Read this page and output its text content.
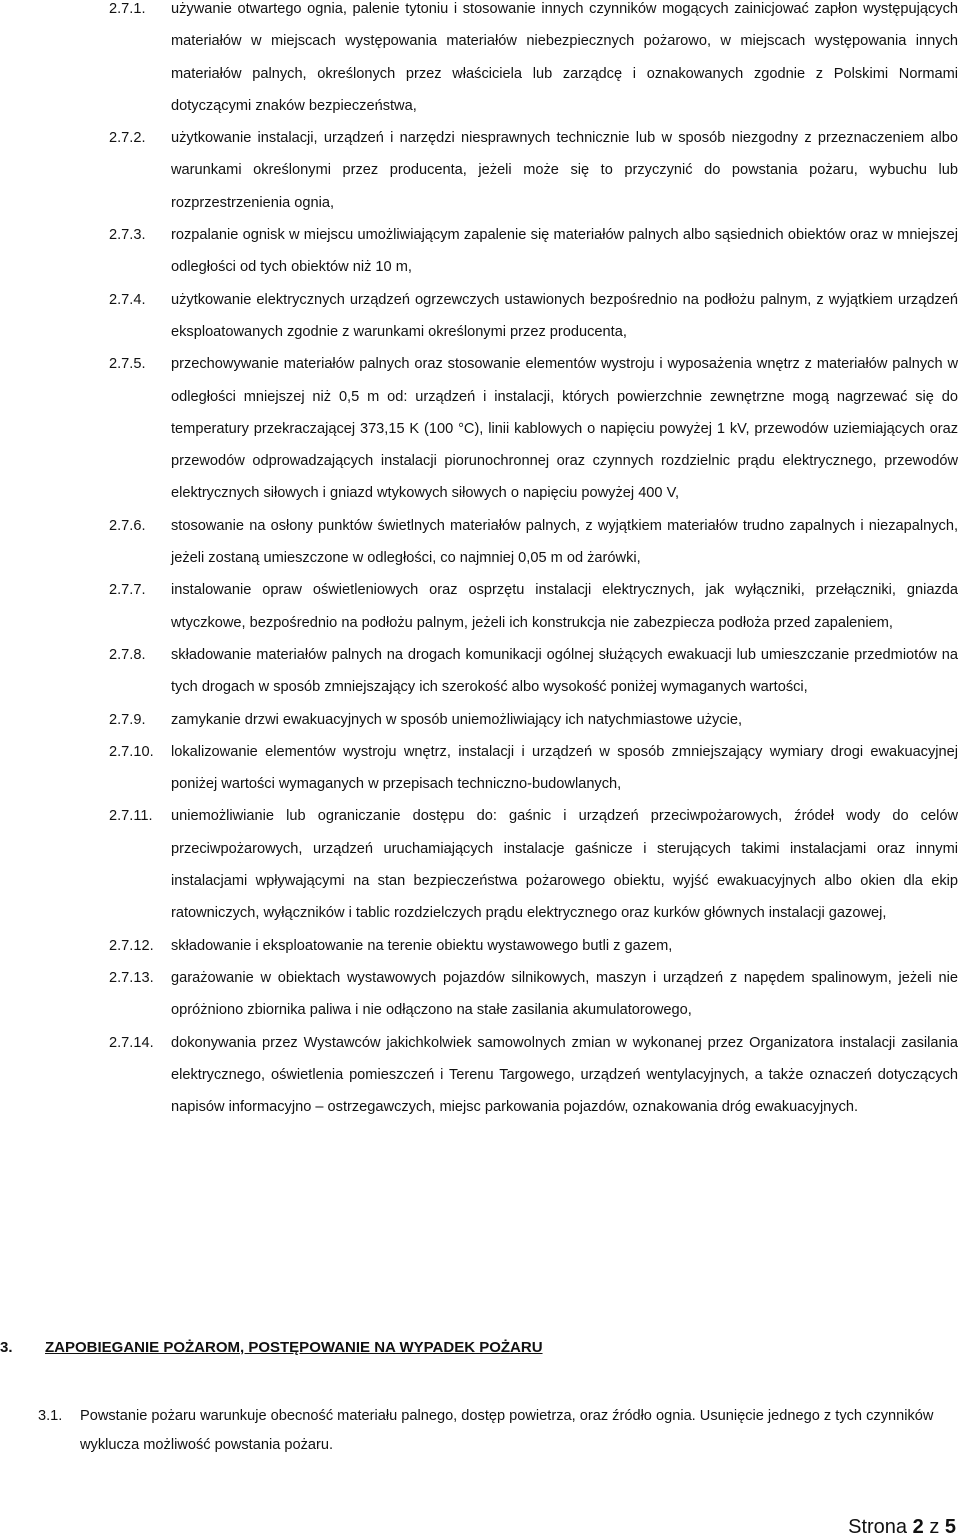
2.7.1.	używanie otwartego ognia, palenie tytoniu i stosowanie innych czynników mogących zainicjować zapłon występujących materiałów w miejscach występowania materiałów niebezpiecznych pożarowo, w miejscach występowania innych materiałów palnych, określonych przez właściciela lub zarządcę i oznakowanych zgodnie z Polskimi Normami dotyczącymi znaków bezpieczeństwa,
2.7.2.	użytkowanie instalacji, urządzeń i narzędzi niesprawnych technicznie lub w sposób niezgodny z przeznaczeniem albo warunkami określonymi przez producenta, jeżeli może się to przyczynić do powstania pożaru, wybuchu lub rozprzestrzenienia ognia,
2.7.3.	rozpalanie ognisk w miejscu umożliwiającym zapalenie się materiałów palnych albo sąsiednich obiektów oraz w mniejszej odległości od tych obiektów niż 10 m,
2.7.4.	użytkowanie elektrycznych urządzeń ogrzewczych ustawionych bezpośrednio na podłożu palnym, z wyjątkiem urządzeń eksploatowanych zgodnie z warunkami określonymi przez producenta,
2.7.5.	przechowywanie materiałów palnych oraz stosowanie elementów wystroju i wyposażenia wnętrz z materiałów palnych w odległości mniejszej niż 0,5 m od: urządzeń i instalacji, których powierzchnie zewnętrzne mogą nagrzewać się do temperatury przekraczającej 373,15 K (100 °C), linii kablowych o napięciu powyżej 1 kV, przewodów uziemiających oraz przewodów odprowadzających instalacji piorunochronnej oraz czynnych rozdzielnic prądu elektrycznego, przewodów elektrycznych siłowych i gniazd wtykowych siłowych o napięciu powyżej 400 V,
2.7.6.	stosowanie na osłony punktów świetlnych materiałów palnych, z wyjątkiem materiałów trudno zapalnych i niezapalnych, jeżeli zostaną umieszczone w odległości, co najmniej 0,05 m od żarówki,
2.7.7.	instalowanie opraw oświetleniowych oraz osprzętu instalacji elektrycznych, jak wyłączniki, przełączniki, gniazda wtyczkowe, bezpośrednio na podłożu palnym, jeżeli ich konstrukcja nie zabezpiecza podłoża przed zapaleniem,
2.7.8.	składowanie materiałów palnych na drogach komunikacji ogólnej służących ewakuacji lub umieszczanie przedmiotów na tych drogach w sposób zmniejszający ich szerokość albo wysokość poniżej wymaganych wartości,
2.7.9.	zamykanie drzwi ewakuacyjnych w sposób uniemożliwiający ich natychmiastowe użycie,
2.7.10.	lokalizowanie elementów wystroju wnętrz, instalacji i urządzeń w sposób zmniejszający wymiary drogi ewakuacyjnej poniżej wartości wymaganych w przepisach techniczno-budowlanych,
2.7.11.	uniemożliwianie lub ograniczanie dostępu do: gaśnic i urządzeń przeciwpożarowych, źródeł wody do celów przeciwpożarowych, urządzeń uruchamiających instalacje gaśnicze i sterujących takimi instalacjami oraz innymi instalacjami wpływającymi na stan bezpieczeństwa pożarowego obiektu, wyjść ewakuacyjnych albo okien dla ekip ratowniczych, wyłączników i tablic rozdzielczych prądu elektrycznego oraz kurków głównych instalacji gazowej,
2.7.12.	składowanie i eksploatowanie na terenie obiektu wystawowego butli z gazem,
2.7.13.	garażowanie w obiektach wystawowych pojazdów silnikowych, maszyn i urządzeń z napędem spalinowym, jeżeli nie opróżniono zbiornika paliwa i nie odłączono na stałe zasilania akumulatorowego,
2.7.14.	dokonywania przez Wystawców jakichkolwiek samowolnych zmian w wykonanej przez Organizatora instalacji zasilania elektrycznego, oświetlenia pomieszczeń i Terenu Targowego, urządzeń wentylacyjnych, a także oznaczeń dotyczących napisów informacyjno – ostrzegawczych, miejsc parkowania pojazdów, oznakowania dróg ewakuacyjnych.
3. ZAPOBIEGANIE POŻAROM, POSTĘPOWANIE NA WYPADEK POŻARU
3.1.	Powstanie pożaru warunkuje obecność materiału palnego, dostęp powietrza, oraz źródło ognia. Usunięcie jednego z tych czynników wyklucza możliwość powstania pożaru.
Strona 2 z 5
